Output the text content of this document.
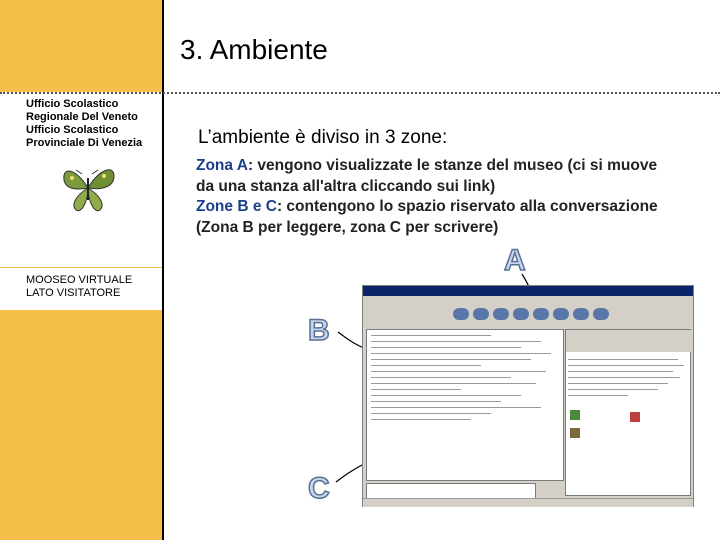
3. Ambiente
Ufficio Scolastico
Regionale Del Veneto
Ufficio Scolastico
Provinciale Di Venezia
MOOSEO VIRTUALE LATO VISITATORE
L’ambiente è diviso in 3 zone:
Zona A: vengono visualizzate le stanze del museo (ci si muove da una stanza all'altra cliccando sui link)
Zone B e C: contengono lo spazio riservato alla conversazione (Zona B per leggere, zona C per scrivere)
A
B
C
